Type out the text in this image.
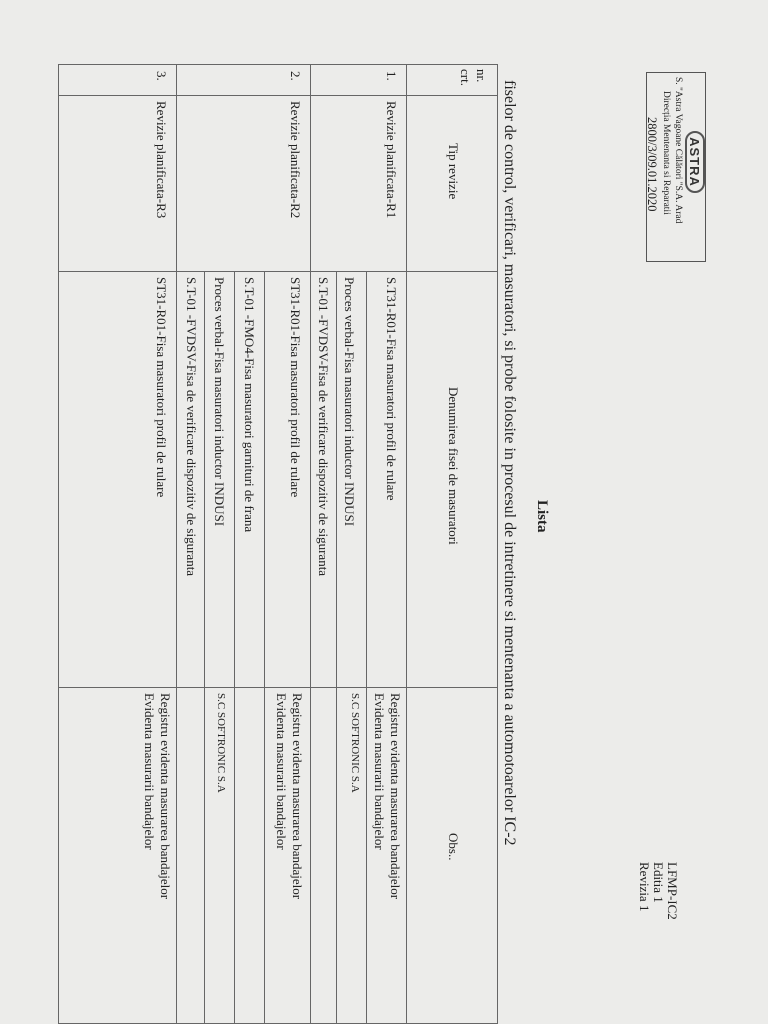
ASTRA
S. "Astra Vagoane Călători "S.A. Arad
Direcția Mentenanta si Reparatii
2800/3/09.01.2020
LFMP-IC2
Editia 1
Revizia 1
Lista
fiselor de control, verificari, masuratori, si probe folosite in procesul de intretinere si mentenanta a automotoarelor IC-2
nr.
crt.
Tip revizie
Denumirea fisei de masuratori
Obs..
1.
Revizie planificata-R1
S.T31-R01-Fisa masuratori profil de rulare
Registru evidenta masurarea bandajelor
Evidenta masurarii bandajelor
Proces verbal-Fisa masuratori inductor INDUSI
S.C SOFTRONIC S.A
S.T-01 -FVDSV-Fisa de verificare dispozitiv de siguranta
2.
Revizie planificata-R2
ST31-R01-Fisa masuratori profil de rulare
Registru evidenta masurarea bandajelor
Evidenta masurarii bandajelor
S.T-01 -FMO4-Fisa masuratori garnituri de frana
Proces verbal-Fisa masuratori inductor INDUSI
S.C SOFTRONIC S.A
S.T-01 -FVDSV-Fisa de verificare dispozitiv de siguranta
3.
Revizie planificata-R3
ST31-R01-Fisa masuratori profil de rulare
Registru evidenta masurarea bandajelor
Evidenta masurarii bandajelor
